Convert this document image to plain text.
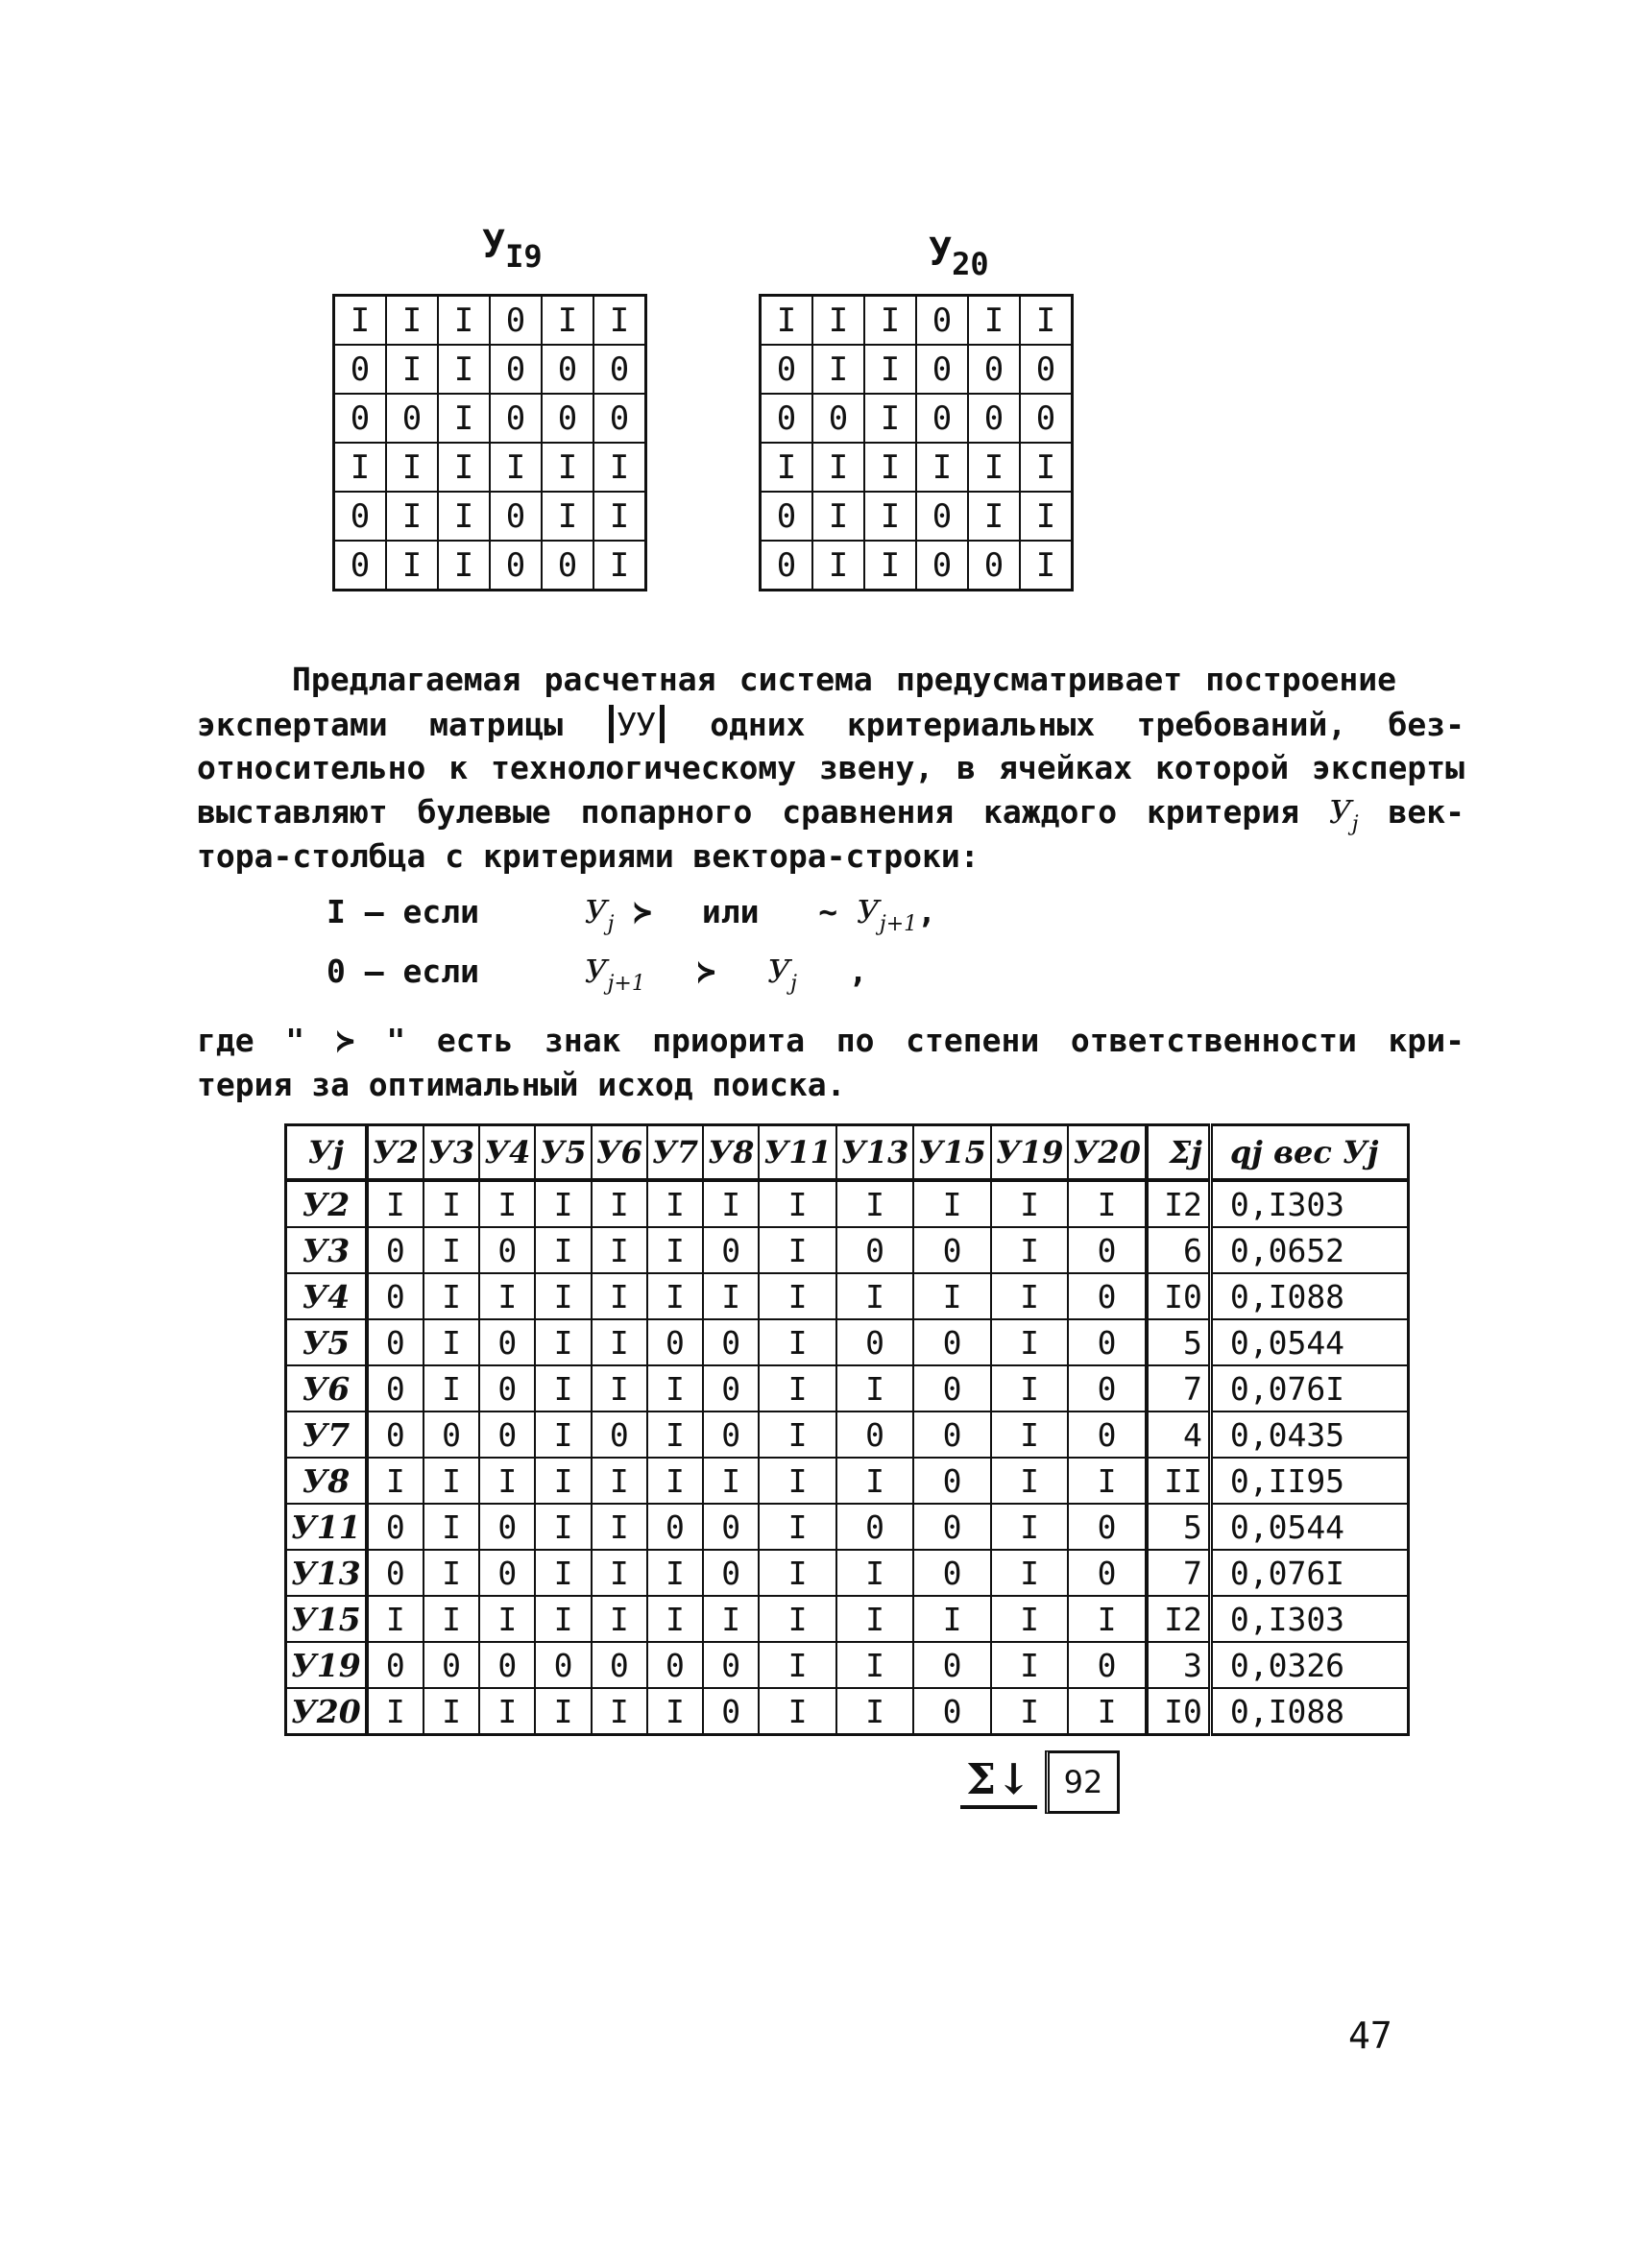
$У_{I9}$	$У_{20}$
I	I	I	0	I	I
0	I	I	0	0	0
0	0	I	0	0	0
I	I	I	I	I	I
0	I	I	0	I	I
0	I	I	0	0	I
I	I	I	0	I	I
0	I	I	0	0	0
0	0	I	0	0	0
I	I	I	I	I	I
0	I	I	0	I	I
0	I	I	0	0	I
Предлагаемая расчетная система предусматривает построение
экспертами матрицы УУ одних критериальных требований, без-
относительно к технологическому звену, в ячейках которой эксперты
выставляют булевые попарного сравнения каждого критерия $У_j$ век-
тора-столбца с критериями вектора-строки:
I – если	$У_j$ ≻ или ∼ $У_{j+1}$,
0 – если	$У_{j+1}$ ≻ $У_j$ ,
где " ≻ " есть знак приорита по степени ответственности кри-
терия за оптимальный исход поиска.
Уj	У2	У3	У4	У5	У6	У7	У8	У11	У13	У15	У19	У20	Σj	qj вес Уj
У2	I	I	I	I	I	I	I	I	I	I	I	I	I2	0,I303
У3	0	I	0	I	I	I	0	I	0	0	I	0	6	0,0652
У4	0	I	I	I	I	I	I	I	I	I	I	0	I0	0,I088
У5	0	I	0	I	I	0	0	I	0	0	I	0	5	0,0544
У6	0	I	0	I	I	I	0	I	I	0	I	0	7	0,076I
У7	0	0	0	I	0	I	0	I	0	0	I	0	4	0,0435
У8	I	I	I	I	I	I	I	I	I	0	I	I	II	0,II95
У11	0	I	0	I	I	0	0	I	0	0	I	0	5	0,0544
У13	0	I	0	I	I	I	0	I	I	0	I	0	7	0,076I
У15	I	I	I	I	I	I	I	I	I	I	I	I	I2	0,I303
У19	0	0	0	0	0	0	0	I	I	0	I	0	3	0,0326
У20	I	I	I	I	I	I	0	I	I	0	I	I	I0	0,I088
Σ↓	92
47
